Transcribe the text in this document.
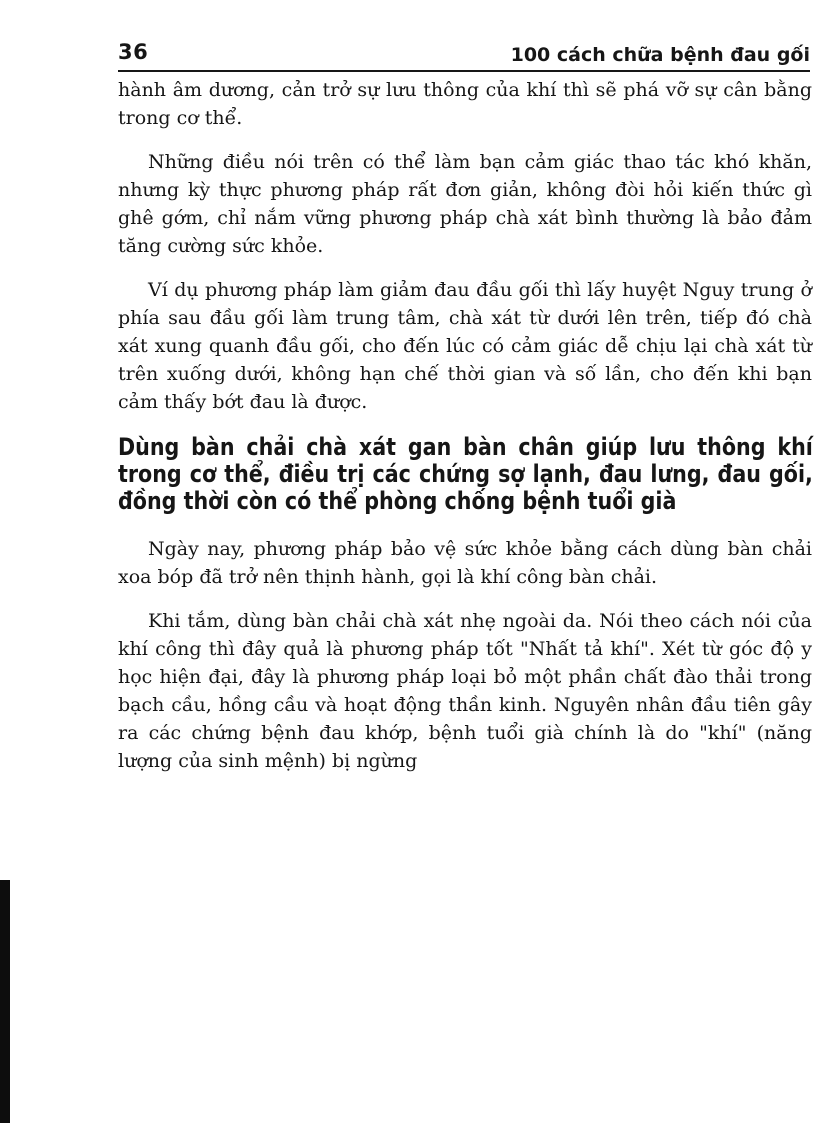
36	100 cách chữa bệnh đau gối

hành âm dương, cản trở sự lưu thông của khí thì sẽ phá vỡ sự cân bằng trong cơ thể.

Những điều nói trên có thể làm bạn cảm giác thao tác khó khăn, nhưng kỳ thực phương pháp rất đơn giản, không đòi hỏi kiến thức gì ghê gớm, chỉ nắm vững phương pháp chà xát bình thường là bảo đảm tăng cường sức khỏe.

Ví dụ phương pháp làm giảm đau đầu gối thì lấy huyệt Nguy trung ở phía sau đầu gối làm trung tâm, chà xát từ dưới lên trên, tiếp đó chà xát xung quanh đầu gối, cho đến lúc có cảm giác dễ chịu lại chà xát từ trên xuống dưới, không hạn chế thời gian và số lần, cho đến khi bạn cảm thấy bớt đau là được.

Dùng bàn chải chà xát gan bàn chân giúp lưu thông khí trong cơ thể, điều trị các chứng sợ lạnh, đau lưng, đau gối, đồng thời còn có thể phòng chống bệnh tuổi già

Ngày nay, phương pháp bảo vệ sức khỏe bằng cách dùng bàn chải xoa bóp đã trở nên thịnh hành, gọi là khí công bàn chải.

Khi tắm, dùng bàn chải chà xát nhẹ ngoài da. Nói theo cách nói của khí công thì đây quả là phương pháp tốt "Nhất tả khí". Xét từ góc độ y học hiện đại, đây là phương pháp loại bỏ một phần chất đào thải trong bạch cầu, hồng cầu và hoạt động thần kinh. Nguyên nhân đầu tiên gây ra các chứng bệnh đau khớp, bệnh tuổi già chính là do "khí" (năng lượng của sinh mệnh) bị ngừng
